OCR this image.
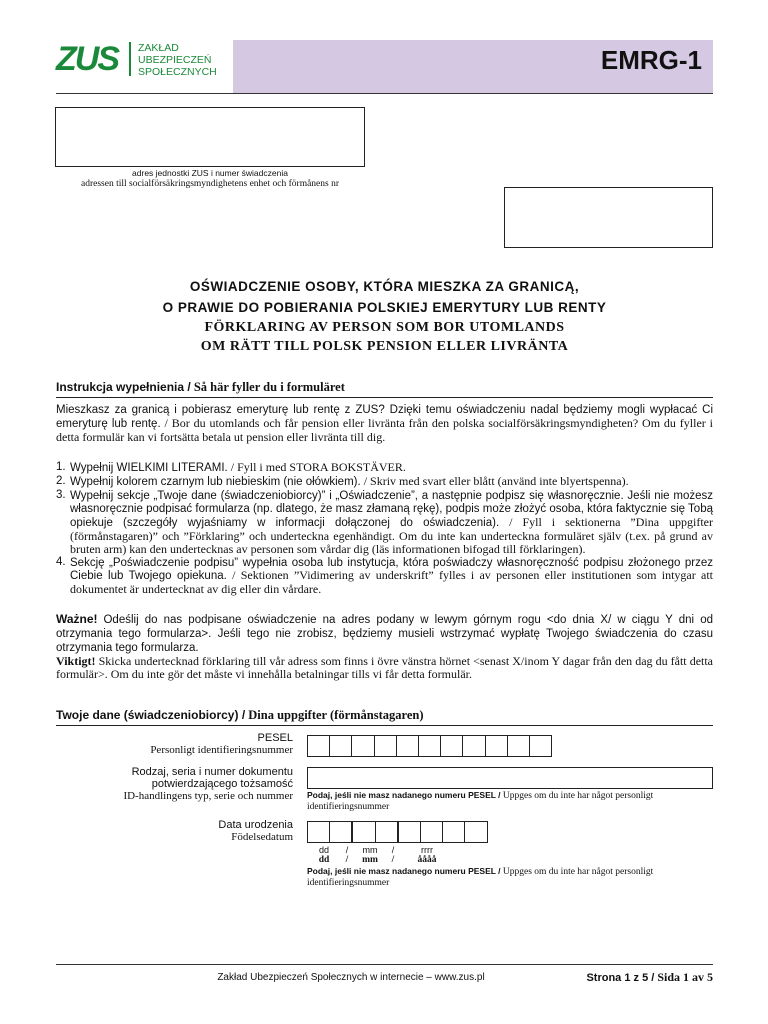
ZUS ZAKŁAD
UBEZPIECZEŃ
SPOŁECZNYCH	EMRG-1
adres jednostki ZUS i numer świadczenia
adressen till socialförsäkringsmyndighetens enhet och förmånens nr
OŚWIADCZENIE OSOBY, KTÓRA MIESZKA ZA GRANICĄ,
O PRAWIE DO POBIERANIA POLSKIEJ EMERYTURY LUB RENTY
FÖRKLARING AV PERSON SOM BOR UTOMLANDS
OM RÄTT TILL POLSK PENSION ELLER LIVRÄNTA
Instrukcja wypełnienia / Så här fyller du i formuläret
Mieszkasz za granicą i pobierasz emeryturę lub rentę z ZUS? Dzięki temu oświadczeniu nadal będziemy mogli wypłacać Ci emeryturę lub rentę. / Bor du utomlands och får pension eller livränta från den polska socialförsäkringsmyndigheten? Om du fyller i detta formulär kan vi fortsätta betala ut pension eller livränta till dig.
1. Wypełnij WIELKIMI LITERAMI. / Fyll i med STORA BOKSTÄVER.
2. Wypełnij kolorem czarnym lub niebieskim (nie ołówkiem). / Skriv med svart eller blått (använd inte blyertspenna).
3. Wypełnij sekcje „Twoje dane (świadczeniobiorcy)” i „Oświadczenie”, a następnie podpisz się własnoręcznie. Jeśli nie możesz własnoręcznie podpisać formularza (np. dlatego, że masz złamaną rękę), podpis może złożyć osoba, która faktycznie się Tobą opiekuje (szczegóły wyjaśniamy w informacji dołączonej do oświadczenia). / Fyll i sektionerna ”Dina uppgifter (förmånstagaren)” och ”Förklaring” och underteckna egenhändigt. Om du inte kan underteckna formuläret själv (t.ex. på grund av bruten arm) kan den undertecknas av personen som vårdar dig (läs informationen bifogad till förklaringen).
4. Sekcję „Poświadczenie podpisu” wypełnia osoba lub instytucja, która poświadczy własnoręczność podpisu złożonego przez Ciebie lub Twojego opiekuna. / Sektionen ”Vidimering av underskrift” fylles i av personen eller institutionen som intygar att dokumentet är undertecknat av dig eller din vårdare.
Ważne! Odeślij do nas podpisane oświadczenie na adres podany w lewym górnym rogu <do dnia X/ w ciągu Y dni od otrzymania tego formularza>. Jeśli tego nie zrobisz, będziemy musieli wstrzymać wypłatę Twojego świadczenia do czasu otrzymania tego formularza.
Viktigt! Skicka undertecknad förklaring till vår adress som finns i övre vänstra hörnet <senast X/inom Y dagar från den dag du fått detta formulär>. Om du inte gör det måste vi innehålla betalningar tills vi får detta formulär.
Twoje dane (świadczeniobiorcy) / Dina uppgifter (förmånstagaren)
PESEL
Personligt identifieringsnummer
Rodzaj, seria i numer dokumentu
potwierdzającego tożsamość
ID-handlingens typ, serie och nummer Podaj, jeśli nie masz nadanego numeru PESEL / Uppges om du inte har något personligt identifieringsnummer
Data urodzenia
Födelsedatum
dd	/	mm	/	rrrr
dd	/	mm	/	åååå
Podaj, jeśli nie masz nadanego numeru PESEL / Uppges om du inte har något personligt identifieringsnummer
Zakład Ubezpieczeń Społecznych w internecie – www.zus.pl	Strona 1 z 5 / Sida 1 av 5
